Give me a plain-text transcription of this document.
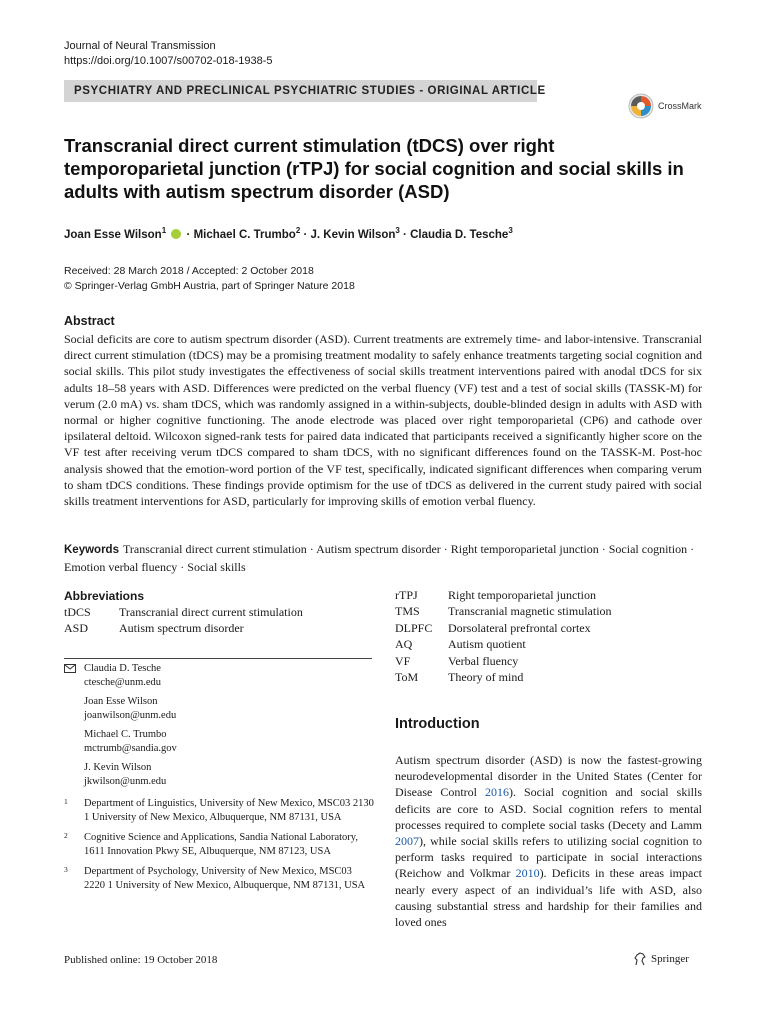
Journal of Neural Transmission
https://doi.org/10.1007/s00702-018-1938-5
PSYCHIATRY AND PRECLINICAL PSYCHIATRIC STUDIES - ORIGINAL ARTICLE
CrossMark
Transcranial direct current stimulation (tDCS) over right temporoparietal junction (rTPJ) for social cognition and social skills in adults with autism spectrum disorder (ASD)
Joan Esse Wilson$^1$  · Michael C. Trumbo$^2$ · J. Kevin Wilson$^3$ · Claudia D. Tesche$^3$
Received: 28 March 2018 / Accepted: 2 October 2018
© Springer-Verlag GmbH Austria, part of Springer Nature 2018
Abstract

Social deficits are core to autism spectrum disorder (ASD). Current treatments are extremely time- and labor-intensive. Transcranial direct current stimulation (tDCS) may be a promising treatment modality to safely enhance treatments targeting social cognition and social skills. This pilot study investigates the effectiveness of social skills treatment interventions paired with anodal tDCS for six adults 18–58 years with ASD. Differences were predicted on the verbal fluency (VF) test and a test of social skills (TASSK-M) for verum (2.0 mA) vs. sham tDCS, which was randomly assigned in a within-subjects, double-blinded design in adults with ASD with normal or higher cognitive functioning. The anode electrode was placed over right temporoparietal (CP6) and cathode over ipsilateral deltoid. Wilcoxon signed-rank tests for paired data indicated that participants received a significantly higher score on the VF test after receiving verum tDCS compared to sham tDCS, with no significant differences found on the TASSK-M. Post-hoc analysis showed that the emotion-word portion of the VF test, specifically, indicated significant differences when comparing verum to sham tDCS conditions. These findings provide optimism for the use of tDCS as delivered in the current study paired with social skills treatment interventions for ASD, particularly for improving skills of emotion verbal fluency.

Keywords Transcranial direct current stimulation · Autism spectrum disorder · Right temporoparietal junction · Social cognition · Emotion verbal fluency · Social skills
Abbreviations
tDCS	Transcranial direct current stimulation
ASD	Autism spectrum disorder
rTPJ	Right temporoparietal junction
TMS	Transcranial magnetic stimulation
DLPFC	Dorsolateral prefrontal cortex
AQ	Autism quotient
VF	Verbal fluency
ToM	Theory of mind
Claudia D. Tesche
ctesche@unm.edu
Joan Esse Wilson
joanwilson@unm.edu
Michael C. Trumbo
mctrumb@sandia.gov
J. Kevin Wilson
jkwilson@unm.edu
1 Department of Linguistics, University of New Mexico, MSC03 2130 1 University of New Mexico, Albuquerque, NM 87131, USA
2 Cognitive Science and Applications, Sandia National Laboratory, 1611 Innovation Pkwy SE, Albuquerque, NM 87123, USA
3 Department of Psychology, University of New Mexico, MSC03 2220 1 University of New Mexico, Albuquerque, NM 87131, USA
Introduction

Autism spectrum disorder (ASD) is now the fastest-growing neurodevelopmental disorder in the United States (Center for Disease Control 2016). Social cognition and social skills deficits are core to ASD. Social cognition refers to mental processes required to complete social tasks (Decety and Lamm 2007), while social skills refers to utilizing social cognition to perform tasks required to participate in social interactions (Reichow and Volkmar 2010). Deficits in these areas impact nearly every aspect of an individual’s life with ASD, also causing substantial stress and hardship for their families and loved ones

Published online: 19 October 2018	Springer
